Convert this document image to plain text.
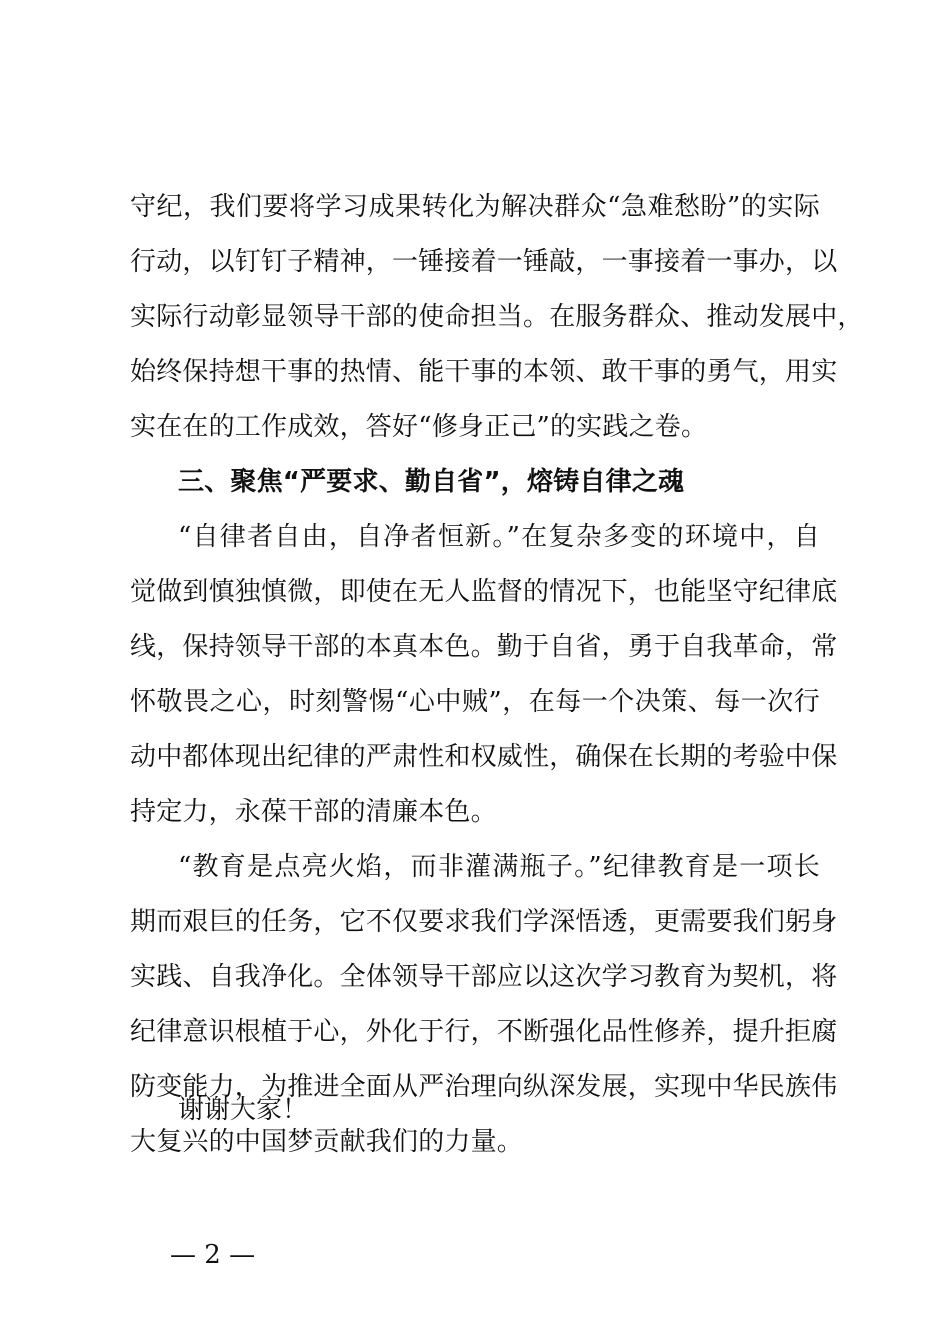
守纪，我们要将学习成果转化为解决群众“急难愁盼”的实际
行动，以钉钉子精神，一锤接着一锤敲，一事接着一事办，以
实际行动彰显领导干部的使命担当。在服务群众、推动发展中，
始终保持想干事的热情、能干事的本领、敢干事的勇气，用实
实在在的工作成效，答好“修身正己”的实践之卷。
三、聚焦“严要求、勤自省”，熔铸自律之魂
“自律者自由，自净者恒新。”在复杂多变的环境中，自
觉做到慎独慎微，即使在无人监督的情况下，也能坚守纪律底
线，保持领导干部的本真本色。勤于自省，勇于自我革命，常
怀敬畏之心，时刻警惕“心中贼”，在每一个决策、每一次行
动中都体现出纪律的严肃性和权威性，确保在长期的考验中保
持定力，永葆干部的清廉本色。
“教育是点亮火焰，而非灌满瓶子。”纪律教育是一项长
期而艰巨的任务，它不仅要求我们学深悟透，更需要我们躬身
实践、自我净化。全体领导干部应以这次学习教育为契机，将
纪律意识根植于心，外化于行，不断强化品性修养，提升拒腐
防变能力，为推进全面从严治理向纵深发展，实现中华民族伟
大复兴的中国梦贡献我们的力量。
谢谢大家！
— 2 —
